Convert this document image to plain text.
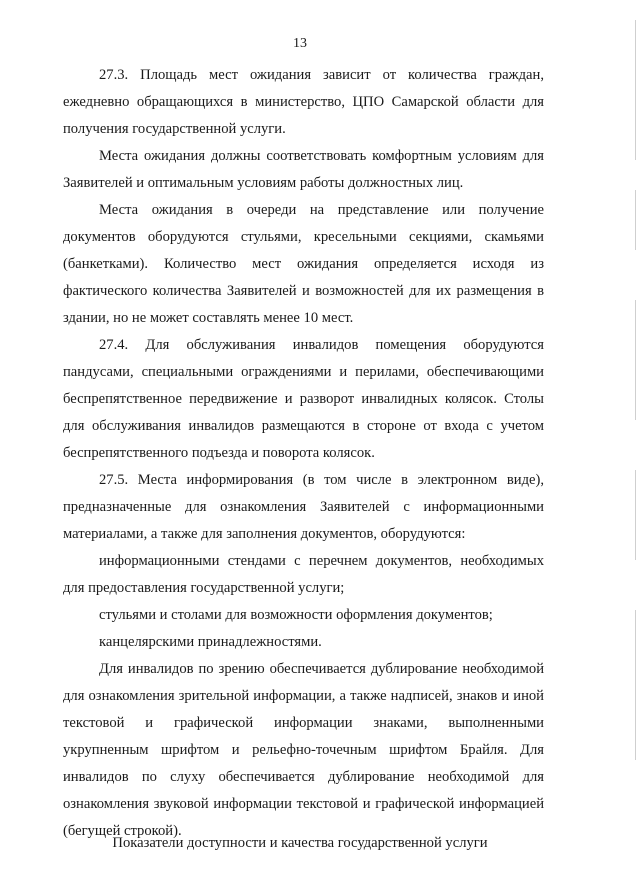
13

27.3. Площадь мест ожидания зависит от количества граждан, ежедневно обращающихся в министерство, ЦПО Самарской области для получения государственной услуги.

Места ожидания должны соответствовать комфортным условиям для Заявителей и оптимальным условиям работы должностных лиц.

Места ожидания в очереди на представление или получение документов оборудуются стульями, кресельными секциями, скамьями (банкетками). Количество мест ожидания определяется исходя из фактического количества Заявителей и возможностей для их размещения в здании, но не может составлять менее 10 мест.

27.4. Для обслуживания инвалидов помещения оборудуются пандусами, специальными ограждениями и перилами, обеспечивающими беспрепятственное передвижение и разворот инвалидных колясок. Столы для обслуживания инвалидов размещаются в стороне от входа с учетом беспрепятственного подъезда и поворота колясок.

27.5. Места информирования (в том числе в электронном виде), предназначенные для ознакомления Заявителей с информационными материалами, а также для заполнения документов, оборудуются:

информационными стендами с перечнем документов, необходимых для предоставления государственной услуги;

стульями и столами для возможности оформления документов;

канцелярскими принадлежностями.

Для инвалидов по зрению обеспечивается дублирование необходимой для ознакомления зрительной информации, а также надписей, знаков и иной текстовой и графической информации знаками, выполненными укрупненным шрифтом и рельефно-точечным шрифтом Брайля. Для инвалидов по слуху обеспечивается дублирование необходимой для ознакомления звуковой информации текстовой и графической информацией (бегущей строкой).

Показатели доступности и качества государственной услуги
